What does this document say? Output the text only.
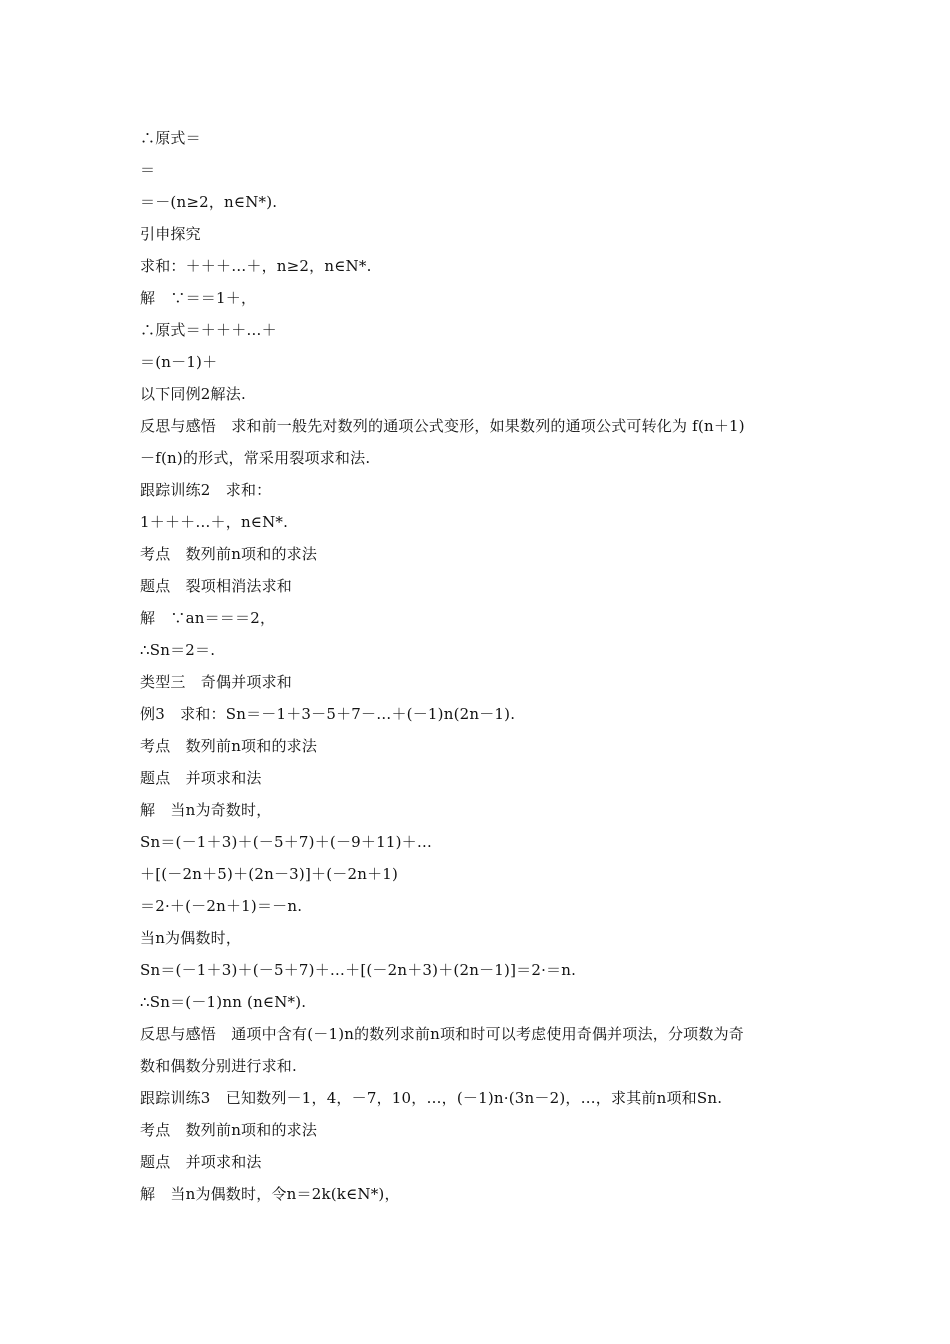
∴原式＝
＝
＝－(n≥2，n∈N*).
引申探究
求和：＋＋＋…＋，n≥2，n∈N*.
解　∵＝＝1＋，
∴原式＝＋＋＋…＋
＝(n－1)＋
以下同例2解法.
反思与感悟　求和前一般先对数列的通项公式变形，如果数列的通项公式可转化为 f(n＋1)
－f(n)的形式，常采用裂项求和法.
跟踪训练2　求和：
1＋＋＋…＋，n∈N*.
考点　数列前n项和的求法
题点　裂项相消法求和
解　∵an＝＝＝2，
∴Sn＝2＝.
类型三　奇偶并项求和
例3　求和：Sn＝－1＋3－5＋7－…＋(－1)n(2n－1).
考点　数列前n项和的求法
题点　并项求和法
解　当n为奇数时，
Sn＝(－1＋3)＋(－5＋7)＋(－9＋11)＋…
＋[(－2n＋5)＋(2n－3)]＋(－2n＋1)
＝2·＋(－2n＋1)＝－n.
当n为偶数时，
Sn＝(－1＋3)＋(－5＋7)＋…＋[(－2n＋3)＋(2n－1)]＝2·＝n.
∴Sn＝(－1)nn (n∈N*).
反思与感悟　通项中含有(－1)n的数列求前n项和时可以考虑使用奇偶并项法，分项数为奇
数和偶数分别进行求和.
跟踪训练3　已知数列－1，4，－7，10，…，(－1)n·(3n－2)，…，求其前n项和Sn.
考点　数列前n项和的求法
题点　并项求和法
解　当n为偶数时，令n＝2k(k∈N*)，
